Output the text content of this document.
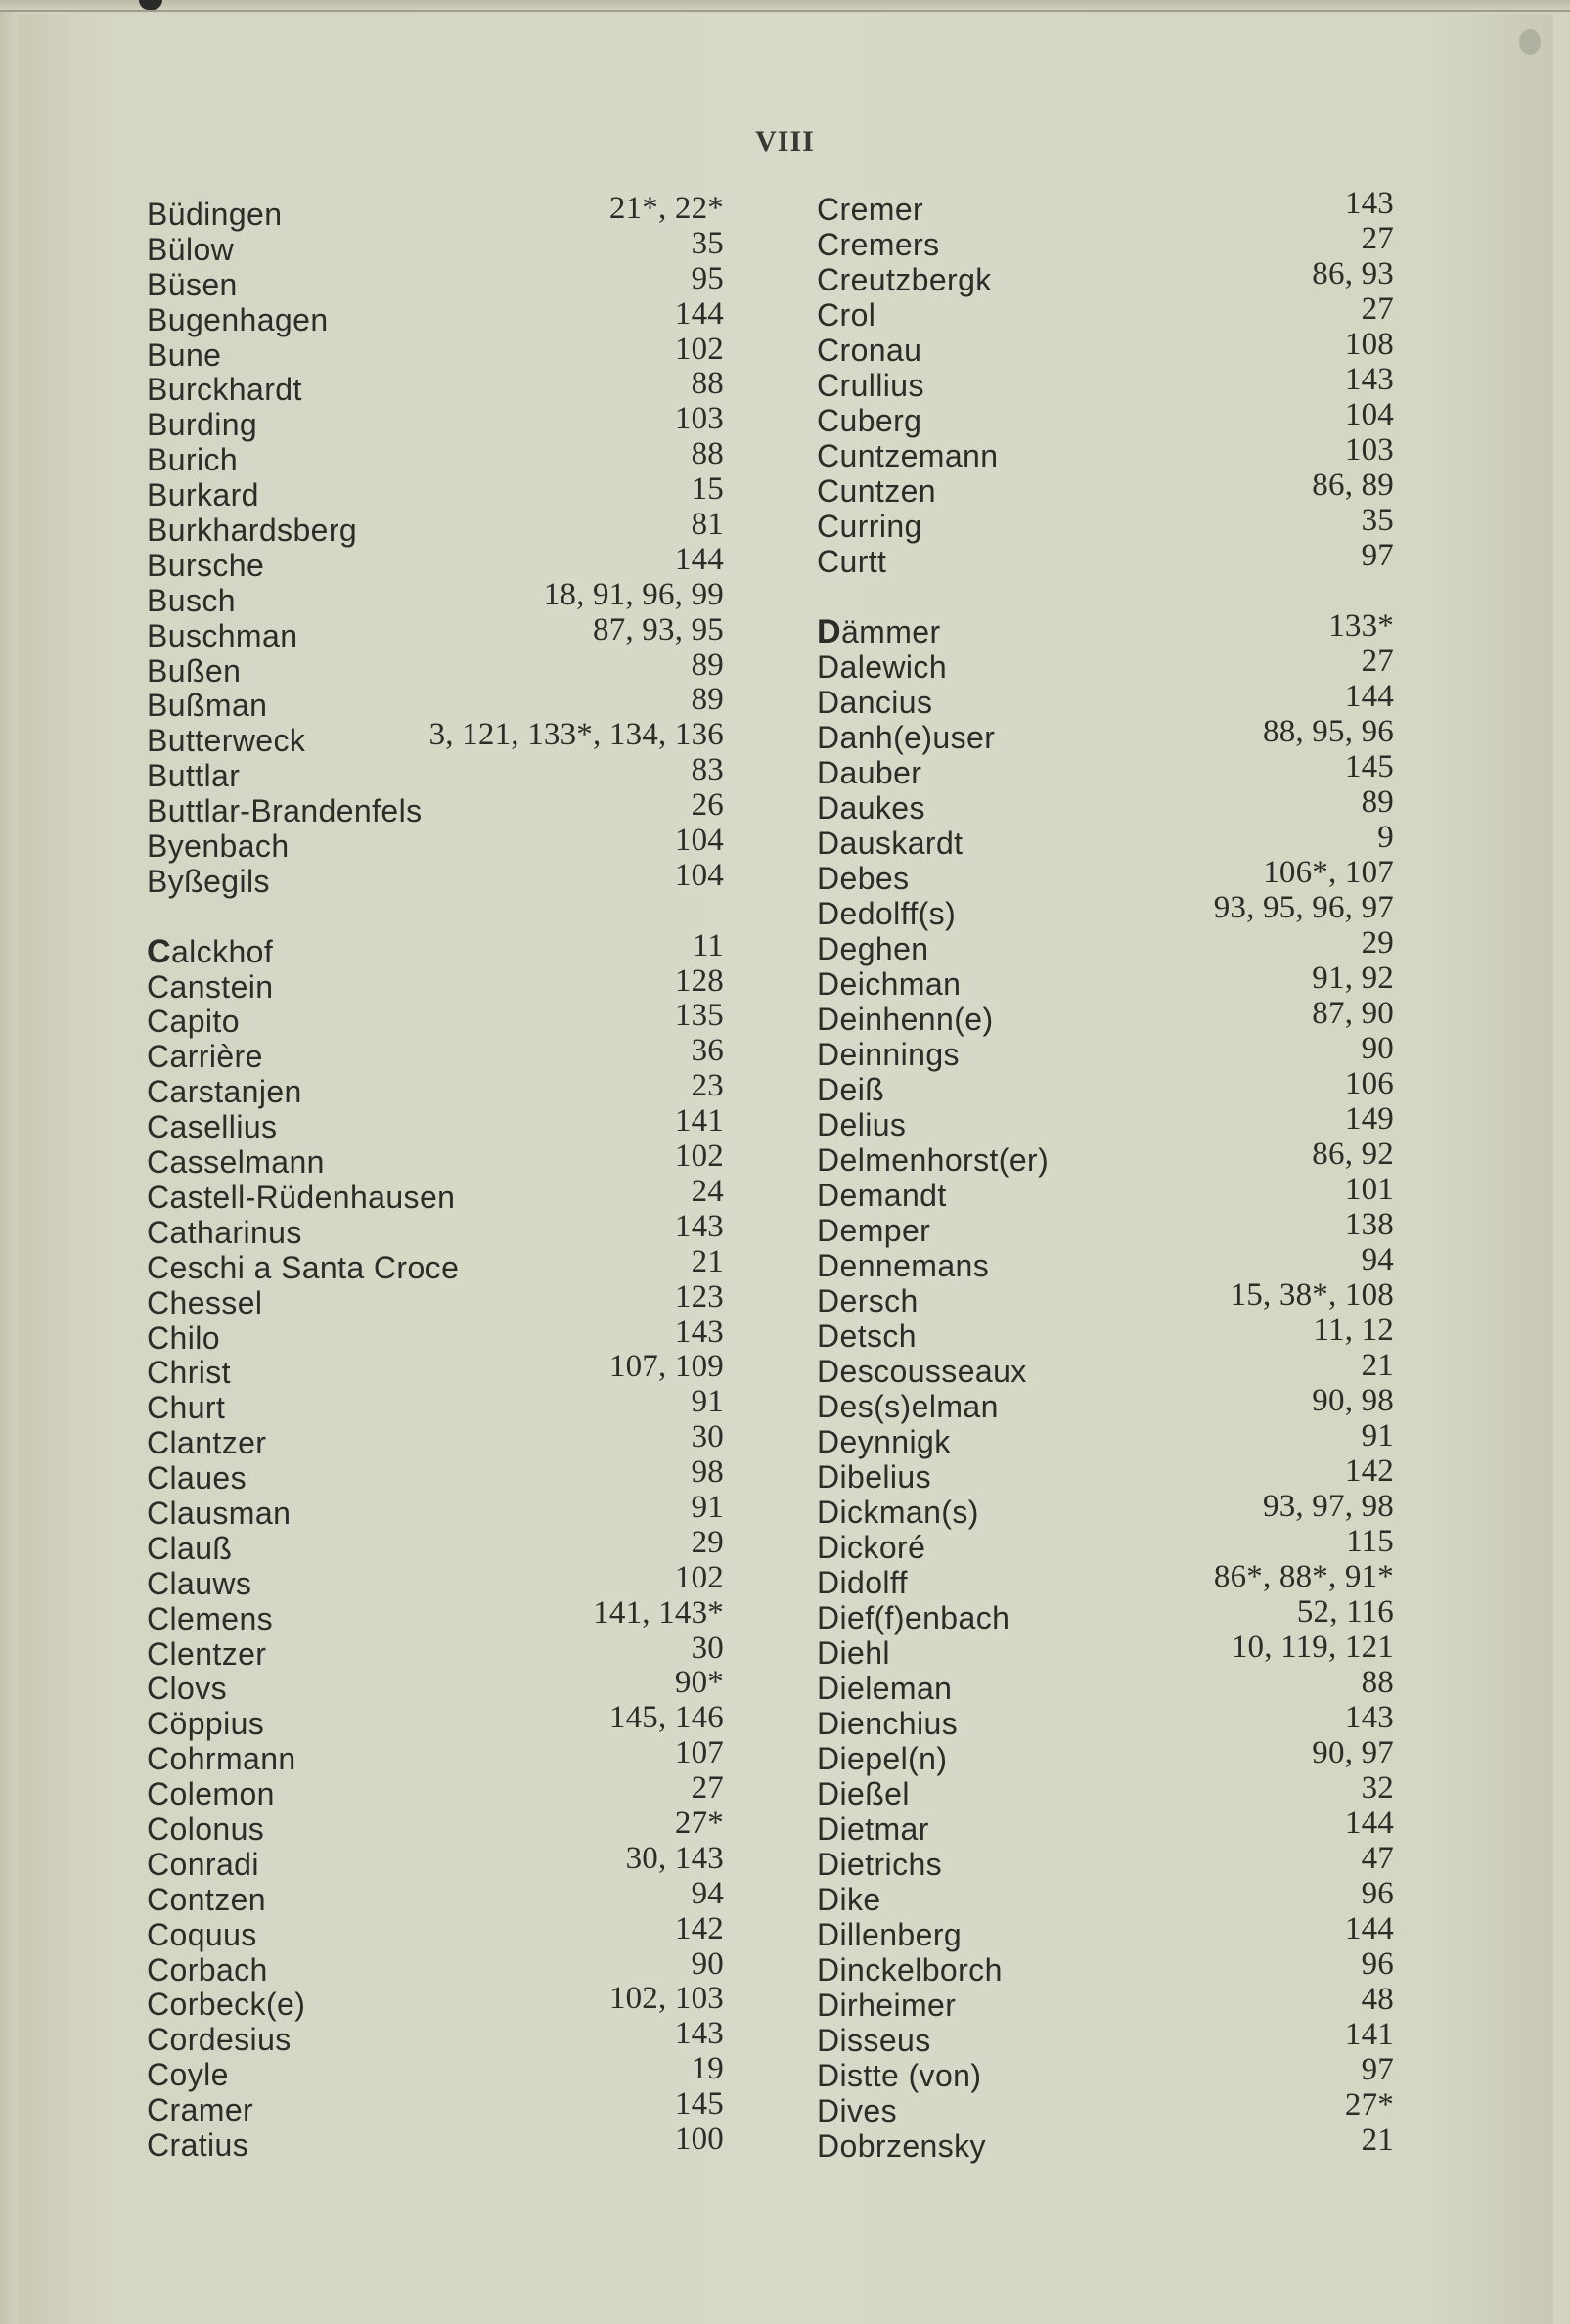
VIII
Büdingen	21*, 22*
Bülow	35
Büsen	95
Bugenhagen	144
Bune	102
Burckhardt	88
Burding	103
Burich	88
Burkard	15
Burkhardsberg	81
Bursche	144
Busch	18, 91, 96, 99
Buschman	87, 93, 95
Bußen	89
Bußman	89
Butterweck	3, 121, 133*, 134, 136
Buttlar	83
Buttlar-Brandenfels	26
Byenbach	104
Byßegils	104
Calckhof	11
Canstein	128
Capito	135
Carrière	36
Carstanjen	23
Casellius	141
Casselmann	102
Castell-Rüdenhausen	24
Catharinus	143
Ceschi a Santa Croce	21
Chessel	123
Chilo	143
Christ	107, 109
Churt	91
Clantzer	30
Claues	98
Clausman	91
Clauß	29
Clauws	102
Clemens	141, 143*
Clentzer	30
Clovs	90*
Cöppius	145, 146
Cohrmann	107
Colemon	27
Colonus	27*
Conradi	30, 143
Contzen	94
Coquus	142
Corbach	90
Corbeck(e)	102, 103
Cordesius	143
Coyle	19
Cramer	145
Cratius	100
Cremer	143
Cremers	27
Creutzbergk	86, 93
Crol	27
Cronau	108
Crullius	143
Cuberg	104
Cuntzemann	103
Cuntzen	86, 89
Curring	35
Curtt	97
Dämmer	133*
Dalewich	27
Dancius	144
Danh(e)user	88, 95, 96
Dauber	145
Daukes	89
Dauskardt	9
Debes	106*, 107
Dedolff(s)	93, 95, 96, 97
Deghen	29
Deichman	91, 92
Deinhenn(e)	87, 90
Deinnings	90
Deiß	106
Delius	149
Delmenhorst(er)	86, 92
Demandt	101
Demper	138
Dennemans	94
Dersch	15, 38*, 108
Detsch	11, 12
Descousseaux	21
Des(s)elman	90, 98
Deynnigk	91
Dibelius	142
Dickman(s)	93, 97, 98
Dickoré	115
Didolff	86*, 88*, 91*
Dief(f)enbach	52, 116
Diehl	10, 119, 121
Dieleman	88
Dienchius	143
Diepel(n)	90, 97
Dießel	32
Dietmar	144
Dietrichs	47
Dike	96
Dillenberg	144
Dinckelborch	96
Dirheimer	48
Disseus	141
Distte (von)	97
Dives	27*
Dobrzensky	21
